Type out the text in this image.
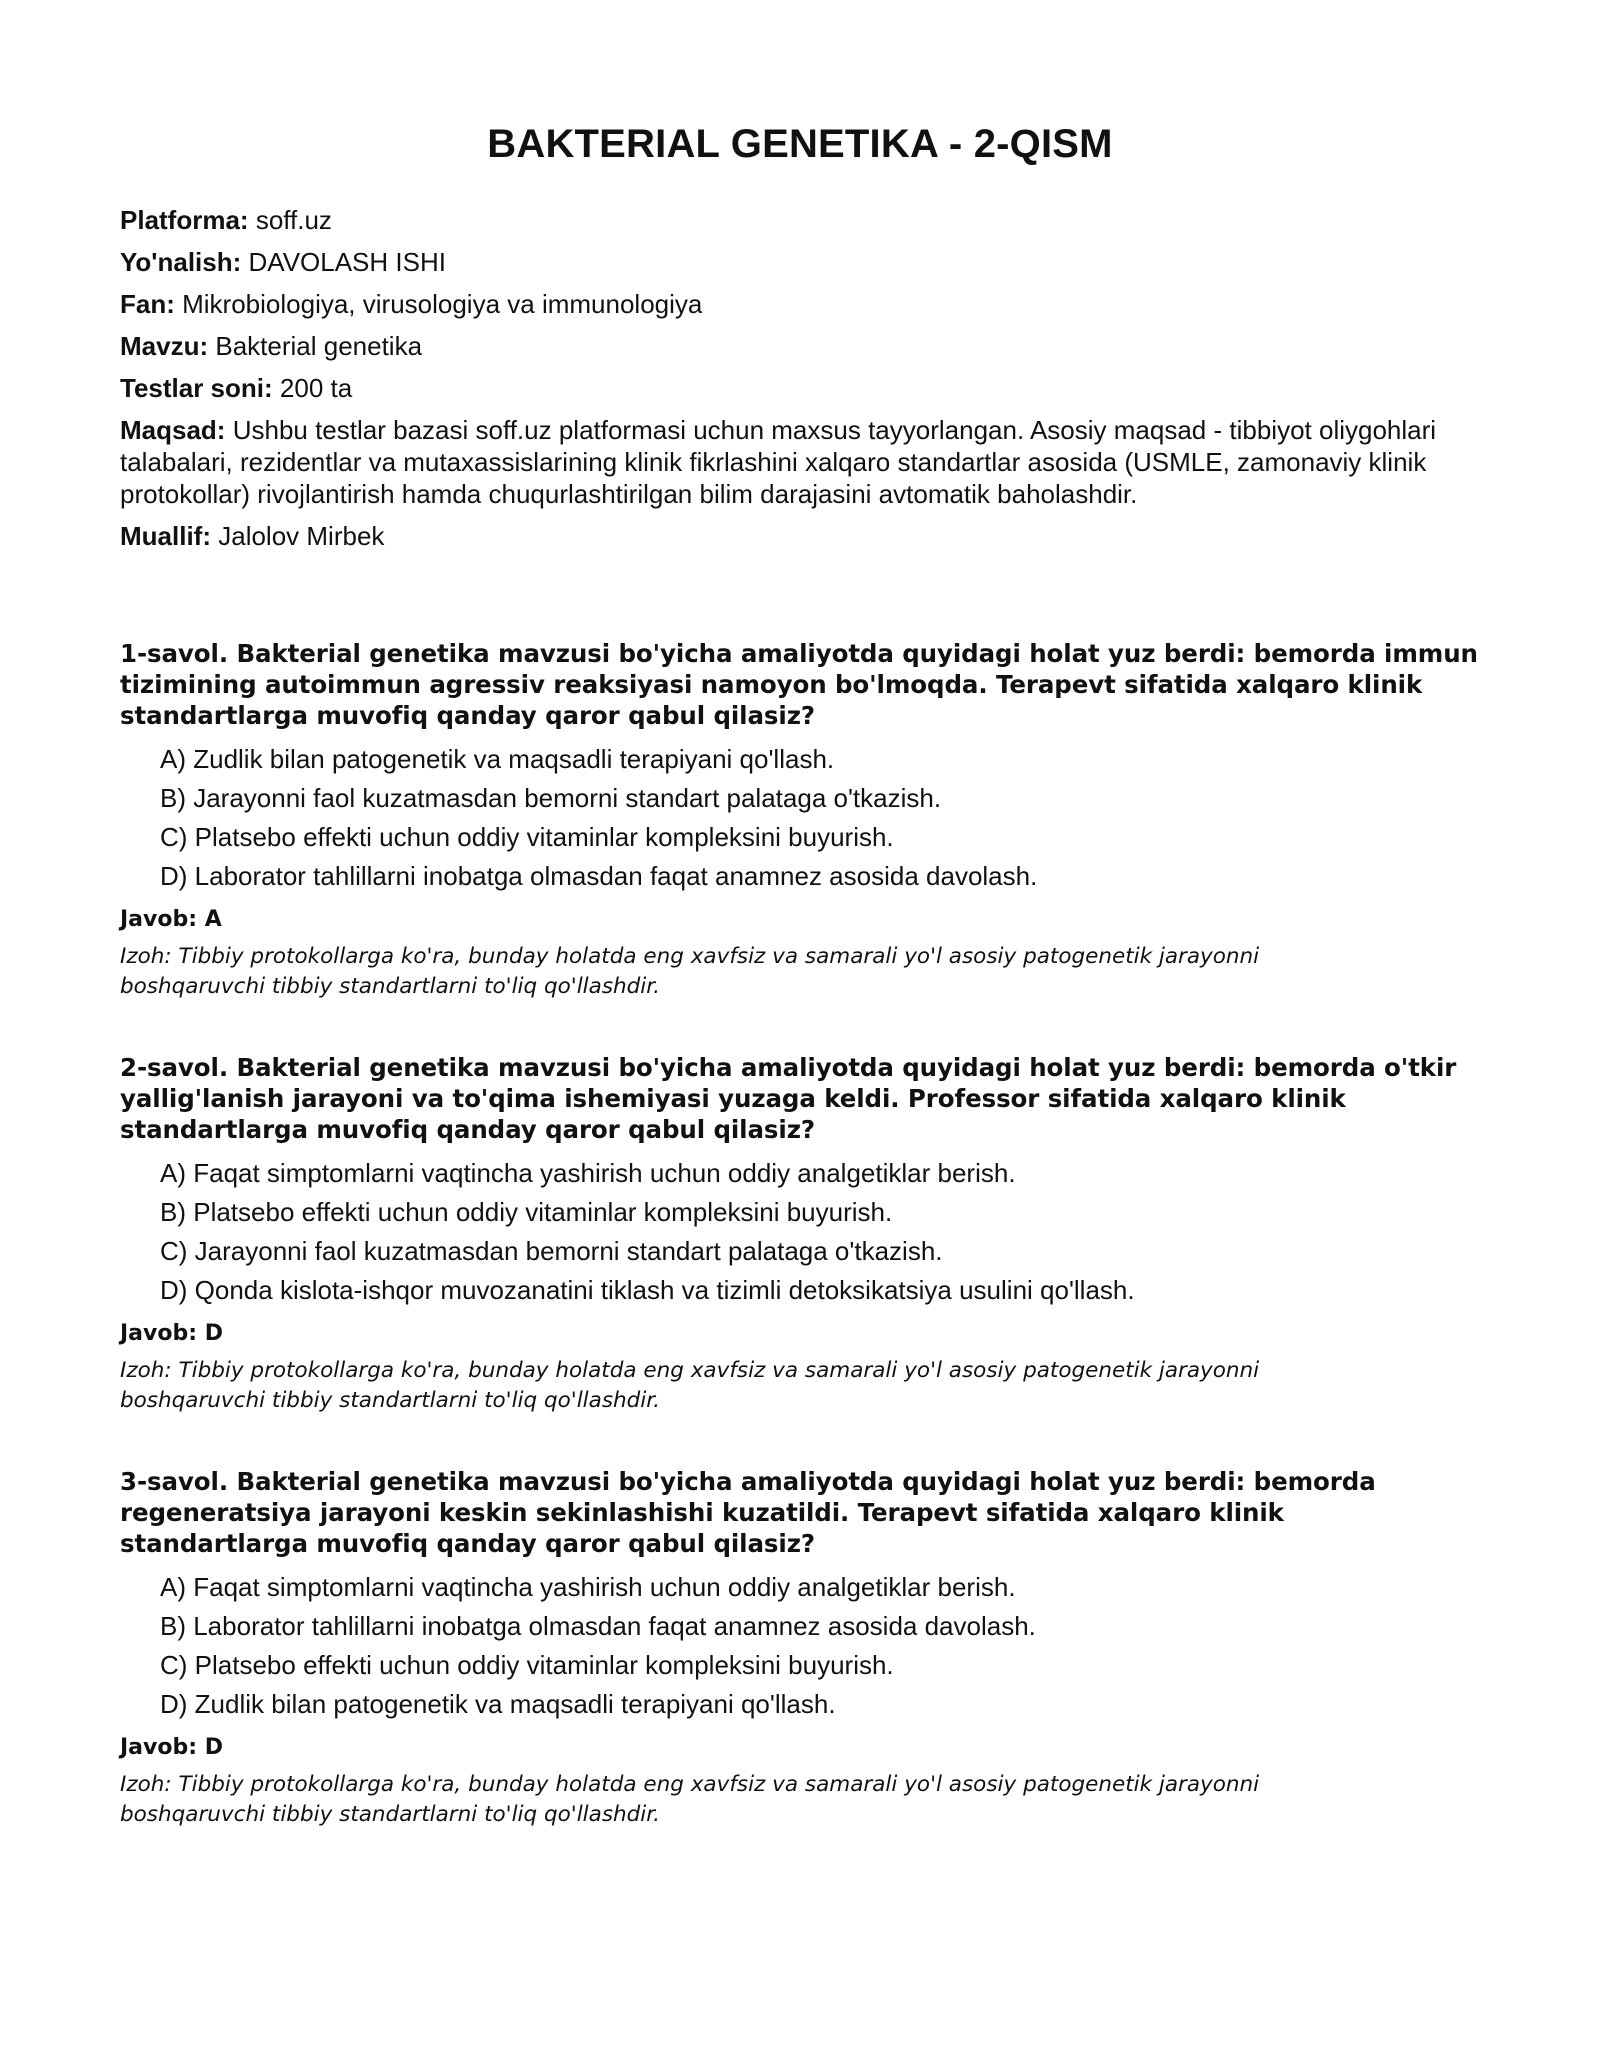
BAKTERIAL GENETIKA - 2-QISM

Platforma: soff.uz

Yo'nalish: DAVOLASH ISHI

Fan: Mikrobiologiya, virusologiya va immunologiya

Mavzu: Bakterial genetika

Testlar soni: 200 ta

Maqsad: Ushbu testlar bazasi soff.uz platformasi uchun maxsus tayyorlangan. Asosiy maqsad - tibbiyot oliygohlari talabalari, rezidentlar va mutaxassislarining klinik fikrlashini xalqaro standartlar asosida (USMLE, zamonaviy klinik protokollar) rivojlantirish hamda chuqurlashtirilgan bilim darajasini avtomatik baholashdir.

Muallif: Jalolov Mirbek

1-savol. Bakterial genetika mavzusi bo'yicha amaliyotda quyidagi holat yuz berdi: bemorda immun tizimining autoimmun agressiv reaksiyasi namoyon bo'lmoqda. Terapevt sifatida xalqaro klinik standartlarga muvofiq qanday qaror qabul qilasiz?

A) Zudlik bilan patogenetik va maqsadli terapiyani qo'llash.
B) Jarayonni faol kuzatmasdan bemorni standart palataga o'tkazish.
C) Platsebo effekti uchun oddiy vitaminlar kompleksini buyurish.
D) Laborator tahlillarni inobatga olmasdan faqat anamnez asosida davolash.

Javob: A

Izoh: Tibbiy protokollarga ko'ra, bunday holatda eng xavfsiz va samarali yo'l asosiy patogenetik jarayonni boshqaruvchi tibbiy standartlarni to'liq qo'llashdir.

2-savol. Bakterial genetika mavzusi bo'yicha amaliyotda quyidagi holat yuz berdi: bemorda o'tkir yallig'lanish jarayoni va to'qima ishemiyasi yuzaga keldi. Professor sifatida xalqaro klinik standartlarga muvofiq qanday qaror qabul qilasiz?

A) Faqat simptomlarni vaqtincha yashirish uchun oddiy analgetiklar berish.
B) Platsebo effekti uchun oddiy vitaminlar kompleksini buyurish.
C) Jarayonni faol kuzatmasdan bemorni standart palataga o'tkazish.
D) Qonda kislota-ishqor muvozanatini tiklash va tizimli detoksikatsiya usulini qo'llash.

Javob: D

Izoh: Tibbiy protokollarga ko'ra, bunday holatda eng xavfsiz va samarali yo'l asosiy patogenetik jarayonni boshqaruvchi tibbiy standartlarni to'liq qo'llashdir.

3-savol. Bakterial genetika mavzusi bo'yicha amaliyotda quyidagi holat yuz berdi: bemorda regeneratsiya jarayoni keskin sekinlashishi kuzatildi. Terapevt sifatida xalqaro klinik standartlarga muvofiq qanday qaror qabul qilasiz?

A) Faqat simptomlarni vaqtincha yashirish uchun oddiy analgetiklar berish.
B) Laborator tahlillarni inobatga olmasdan faqat anamnez asosida davolash.
C) Platsebo effekti uchun oddiy vitaminlar kompleksini buyurish.
D) Zudlik bilan patogenetik va maqsadli terapiyani qo'llash.

Javob: D

Izoh: Tibbiy protokollarga ko'ra, bunday holatda eng xavfsiz va samarali yo'l asosiy patogenetik jarayonni boshqaruvchi tibbiy standartlarni to'liq qo'llashdir.
